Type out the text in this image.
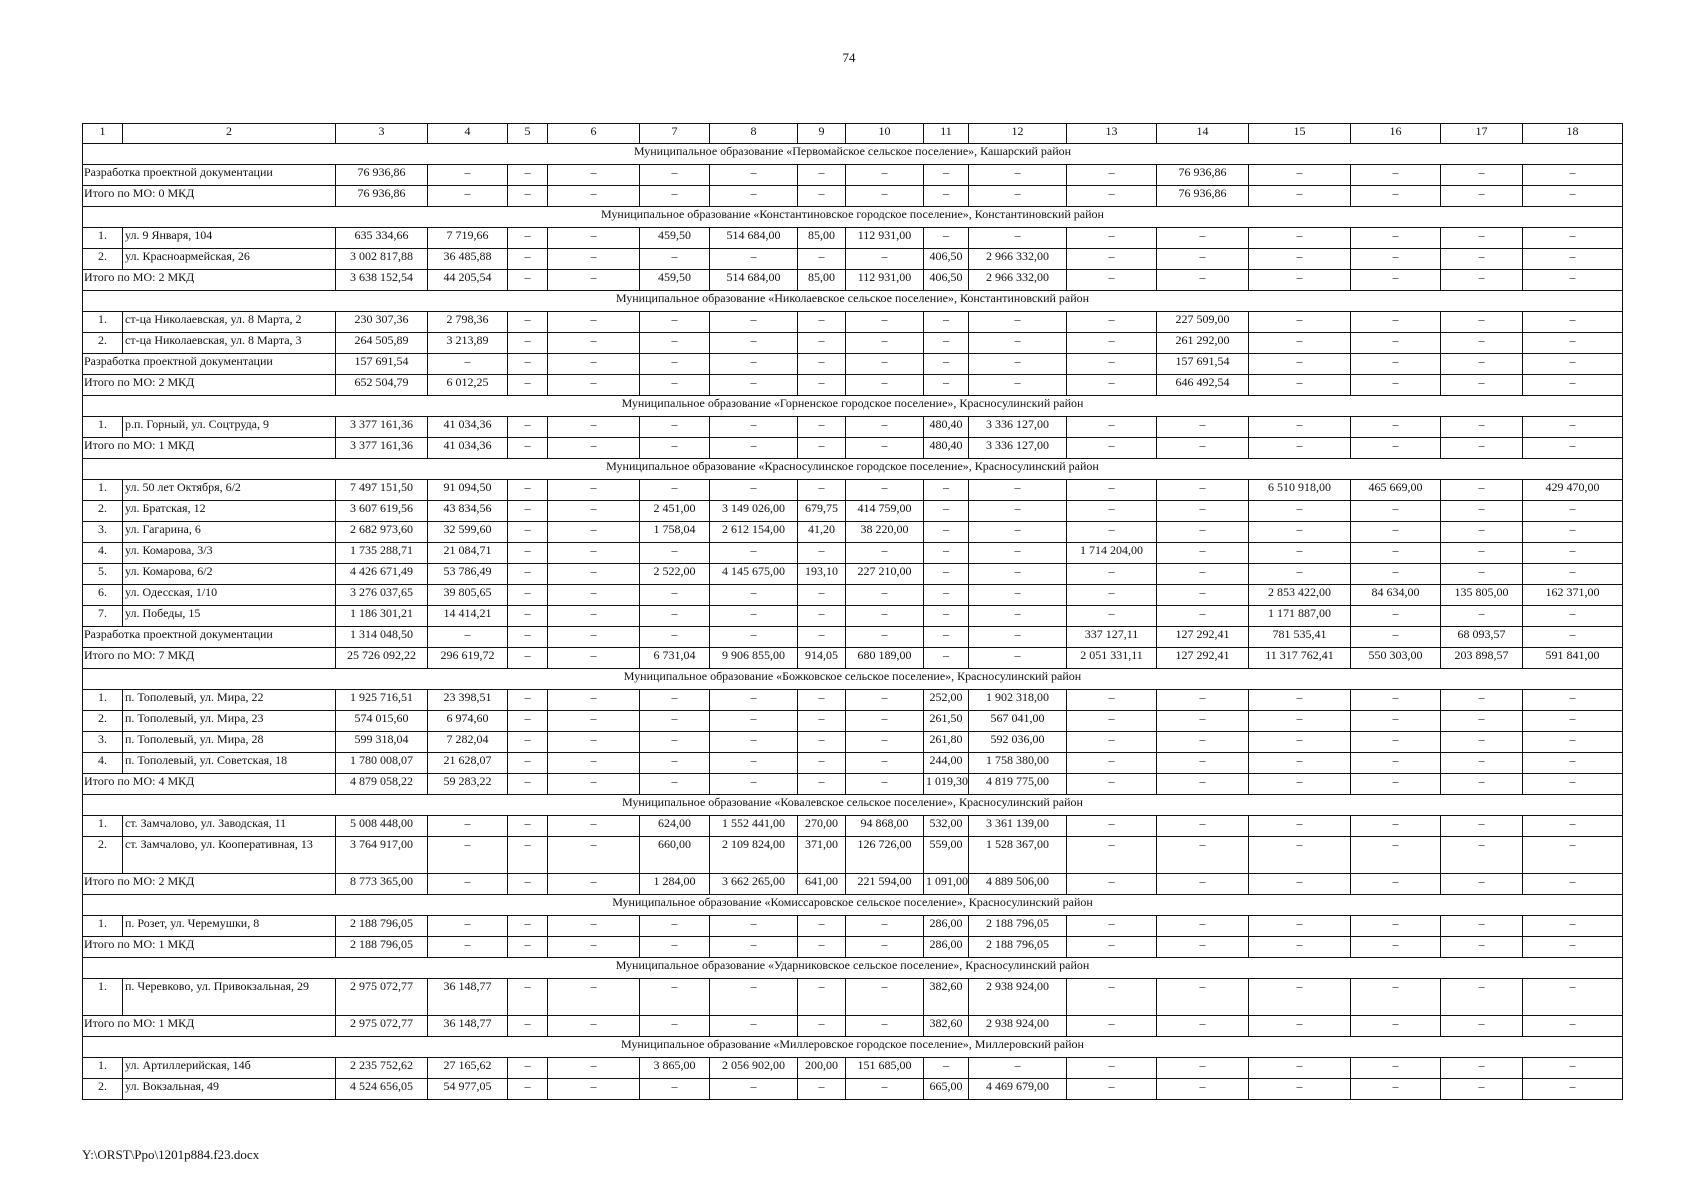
74
1	2	3	4	5	6	7	8	9	10	11	12	13	14	15	16	17	18
Муниципальное образование «Первомайское сельское поселение», Кашарский район																	
Разработка проектной документации		76 936,86	–	–	–	–	–	–	–	–	–	–	76 936,86	–	–	–	–
Итого по МО: 0 МКД		76 936,86	–	–	–	–	–	–	–	–	–	–	76 936,86	–	–	–	–
Муниципальное образование «Константиновское городское поселение», Константиновский район																	
1.	ул. 9 Января, 104	635 334,66	7 719,66	–	–	459,50	514 684,00	85,00	112 931,00	–	–	–	–	–	–	–	–
2.	ул. Красноармейская, 26	3 002 817,88	36 485,88	–	–	–	–	–	–	406,50	2 966 332,00	–	–	–	–	–	–
Итого по МО: 2 МКД		3 638 152,54	44 205,54	–	–	459,50	514 684,00	85,00	112 931,00	406,50	2 966 332,00	–	–	–	–	–	–
Муниципальное образование «Николаевское сельское поселение», Константиновский район																	
1.	ст-ца Николаевская, ул. 8 Марта, 2	230 307,36	2 798,36	–	–	–	–	–	–	–	–	–	227 509,00	–	–	–	–
2.	ст-ца Николаевская, ул. 8 Марта, 3	264 505,89	3 213,89	–	–	–	–	–	–	–	–	–	261 292,00	–	–	–	–
Разработка проектной документации		157 691,54	–	–	–	–	–	–	–	–	–	–	157 691,54	–	–	–	–
Итого по МО: 2 МКД		652 504,79	6 012,25	–	–	–	–	–	–	–	–	–	646 492,54	–	–	–	–
Муниципальное образование «Горненское городское поселение», Красносулинский район																	
1.	р.п. Горный, ул. Соцтруда, 9	3 377 161,36	41 034,36	–	–	–	–	–	–	480,40	3 336 127,00	–	–	–	–	–	–
Итого по МО: 1 МКД		3 377 161,36	41 034,36	–	–	–	–	–	–	480,40	3 336 127,00	–	–	–	–	–	–
Муниципальное образование «Красносулинское городское поселение», Красносулинский район																	
1.	ул. 50 лет Октября, 6/2	7 497 151,50	91 094,50	–	–	–	–	–	–	–	–	–	–	6 510 918,00	465 669,00	–	429 470,00
2.	ул. Братская, 12	3 607 619,56	43 834,56	–	–	2 451,00	3 149 026,00	679,75	414 759,00	–	–	–	–	–	–	–	–
3.	ул. Гагарина, 6	2 682 973,60	32 599,60	–	–	1 758,04	2 612 154,00	41,20	38 220,00	–	–	–	–	–	–	–	–
4.	ул. Комарова, 3/3	1 735 288,71	21 084,71	–	–	–	–	–	–	–	–	1 714 204,00	–	–	–	–	–
5.	ул. Комарова, 6/2	4 426 671,49	53 786,49	–	–	2 522,00	4 145 675,00	193,10	227 210,00	–	–	–	–	–	–	–	–
6.	ул. Одесская, 1/10	3 276 037,65	39 805,65	–	–	–	–	–	–	–	–	–	–	2 853 422,00	84 634,00	135 805,00	162 371,00
7.	ул. Победы, 15	1 186 301,21	14 414,21	–	–	–	–	–	–	–	–	–	–	1 171 887,00	–	–	–
Разработка проектной документации		1 314 048,50	–	–	–	–	–	–	–	–	–	337 127,11	127 292,41	781 535,41	–	68 093,57	–
Итого по МО: 7 МКД		25 726 092,22	296 619,72	–	–	6 731,04	9 906 855,00	914,05	680 189,00	–	–	2 051 331,11	127 292,41	11 317 762,41	550 303,00	203 898,57	591 841,00
Муниципальное образование «Божковское сельское поселение», Красносулинский район																	
1.	п. Тополевый, ул. Мира, 22	1 925 716,51	23 398,51	–	–	–	–	–	–	252,00	1 902 318,00	–	–	–	–	–	–
2.	п. Тополевый, ул. Мира, 23	574 015,60	6 974,60	–	–	–	–	–	–	261,50	567 041,00	–	–	–	–	–	–
3.	п. Тополевый, ул. Мира, 28	599 318,04	7 282,04	–	–	–	–	–	–	261,80	592 036,00	–	–	–	–	–	–
4.	п. Тополевый, ул. Советская, 18	1 780 008,07	21 628,07	–	–	–	–	–	–	244,00	1 758 380,00	–	–	–	–	–	–
Итого по МО: 4 МКД		4 879 058,22	59 283,22	–	–	–	–	–	–	1 019,30	4 819 775,00	–	–	–	–	–	–
Муниципальное образование «Ковалевское сельское поселение», Красносулинский район																	
1.	ст. Замчалово, ул. Заводская, 11	5 008 448,00	–	–	–	624,00	1 552 441,00	270,00	94 868,00	532,00	3 361 139,00	–	–	–	–	–	–
2.	ст. Замчалово, ул. Кооперативная, 13	3 764 917,00	–	–	–	660,00	2 109 824,00	371,00	126 726,00	559,00	1 528 367,00	–	–	–	–	–	–
Итого по МО: 2 МКД		8 773 365,00	–	–	–	1 284,00	3 662 265,00	641,00	221 594,00	1 091,00	4 889 506,00	–	–	–	–	–	–
Муниципальное образование «Комиссаровское сельское поселение», Красносулинский район																	
1.	п. Розет, ул. Черемушки, 8	2 188 796,05	–	–	–	–	–	–	–	286,00	2 188 796,05	–	–	–	–	–	–
Итого по МО: 1 МКД		2 188 796,05	–	–	–	–	–	–	–	286,00	2 188 796,05	–	–	–	–	–	–
Муниципальное образование «Ударниковское сельское поселение», Красносулинский район																	
1.	п. Черевково, ул. Привокзальная, 29	2 975 072,77	36 148,77	–	–	–	–	–	–	382,60	2 938 924,00	–	–	–	–	–	–
Итого по МО: 1 МКД		2 975 072,77	36 148,77	–	–	–	–	–	–	382,60	2 938 924,00	–	–	–	–	–	–
Муниципальное образование «Миллеровское городское поселение», Миллеровский район																	
1.	ул. Артиллерийская, 14б	2 235 752,62	27 165,62	–	–	3 865,00	2 056 902,00	200,00	151 685,00	–	–	–	–	–	–	–	–
2.	ул. Вокзальная, 49	4 524 656,05	54 977,05	–	–	–	–	–	–	665,00	4 469 679,00	–	–	–	–	–	–
Y:\ORST\Ppo\1201p884.f23.docx
